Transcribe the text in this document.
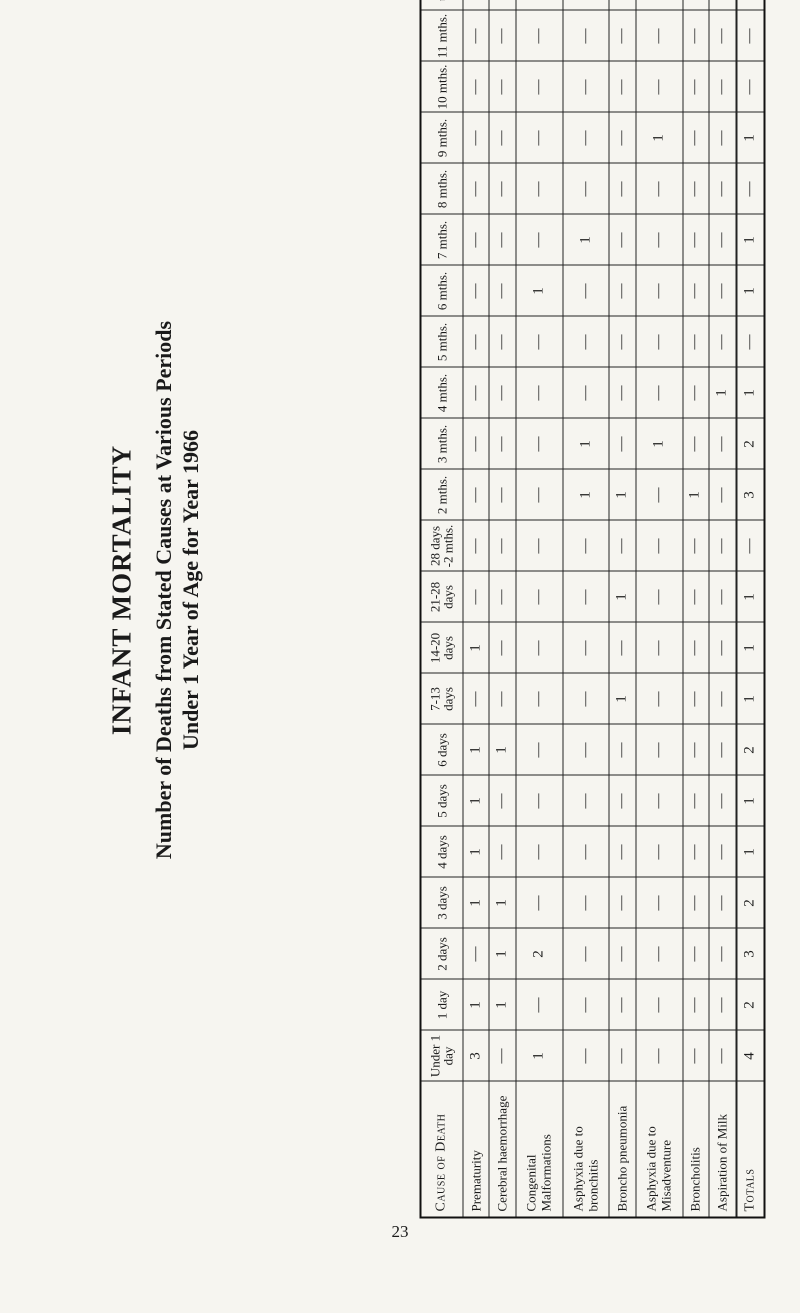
INFANT MORTALITY Number of Deaths from Stated Causes at Various Periods Under 1 Year of Age for Year 1966
Cause of Death	Under 1 day	1 day	2 days	3 days	4 days	5 days	6 days	7-13 days	14-20 days	21-28 days	28 days -2 mths.	2 mths.	3 mths.	4 mths.	5 mths.	6 mths.	7 mths.	8 mths.	9 mths.	10 mths.	11 mths.	
Prematurity	3	1	—	1	1	1	1	—	1	—	—	—	—	—	—	—	—	—	—	—	—	
Cerebral haemorrhage	—	1	1	1	—	—	1	—	—	—	—	—	—	—	—	—	—	—	—	—	—	
Congenital Malformations	1	—	2	—	—	—	—	—	—	—	—	—	—	—	—	1	—	—	—	—	—	
Asphyxia due to bronchitis	—	—	—	—	—	—	—	—	—	—	—	1	1	—	—	—	1	—	—	—	—	
Broncho pneumonia	—	—	—	—	—	—	—	1	—	1	—	1	—	—	—	—	—	—	—	—	—	
Asphyxia due to Misadventure	—	—	—	—	—	—	—	—	—	—	—	—	1	—	—	—	—	—	1	—	—	
Broncholitis	—	—	—	—	—	—	—	—	—	—	—	1	—	—	—	—	—	—	—	—	—	
Aspiration of Milk	—	—	—	—	—	—	—	—	—	—	—	—	—	1	—	—	—	—	—	—	—	

Totals	4	2	3	2	1	1	2	1	1	1	—	3	2	1	—	1	1	—	1	—	—	
23
